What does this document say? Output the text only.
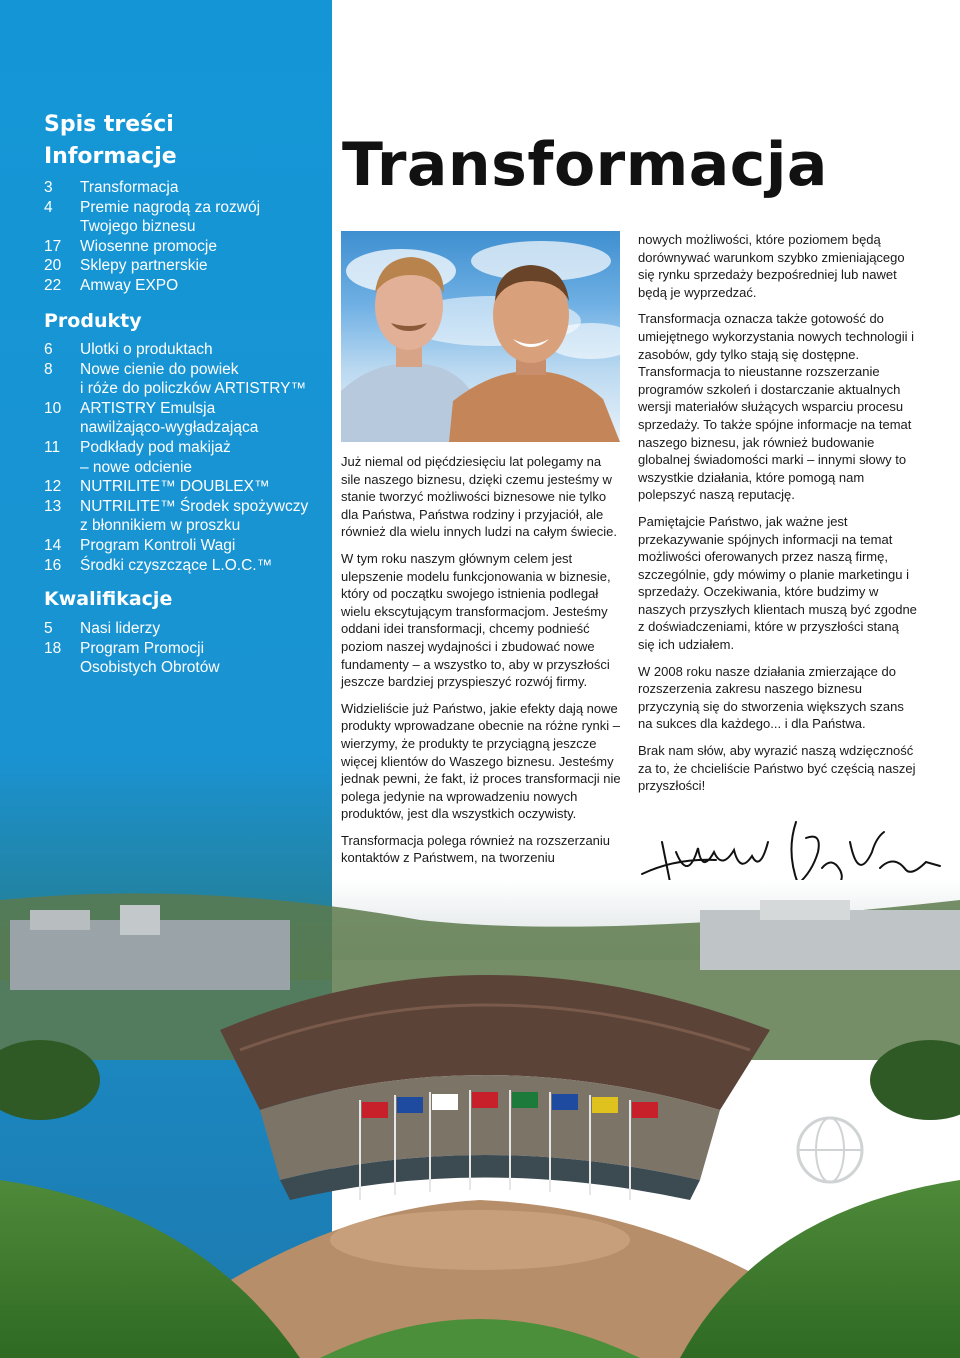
Spis treści
Informacje
3	Transformacja
4	Premie nagrodą za rozwój
Twojego biznesu
17	Wiosenne promocje
20	Sklepy partnerskie
22	Amway EXPO
Produkty
6	Ulotki o produktach
8	Nowe cienie do powiek
i róże do policzków ARTISTRY™
10	ARTISTRY Emulsja
nawilżająco-wygładzająca
11	Podkłady pod makijaż
– nowe odcienie
12	NUTRILITE™ DOUBLEX™
13	NUTRILITE™ Środek spożywczy
z błonnikiem w proszku
14	Program Kontroli Wagi
16	Środki czyszczące L.O.C.™
Kwalifikacje
5	Nasi liderzy
18	Program Promocji
Osobistych Obrotów
Transformacja

Już niemal od pięćdziesięciu lat polegamy na sile naszego biznesu, dzięki czemu jesteśmy w stanie tworzyć możliwości biznesowe nie tylko dla Państwa, Państwa rodziny i przyjaciół, ale również dla wielu innych ludzi na całym świecie.

W tym roku naszym głównym celem jest ulepszenie modelu funkcjonowania w biznesie, który od początku swojego istnienia podlegał wielu ekscytującym transformacjom. Jesteśmy oddani idei transformacji, chcemy podnieść poziom naszej wydajności i zbudować nowe fundamenty – a wszystko to, aby w przyszłości jeszcze bardziej przyspieszyć rozwój firmy.

Widzieliście już Państwo, jakie efekty dają nowe produkty wprowadzane obecnie na różne rynki – wierzymy, że produkty te przyciągną jeszcze więcej klientów do Waszego biznesu. Jesteśmy jednak pewni, że fakt, iż proces transformacji nie polega jedynie na wprowadzeniu nowych produktów, jest dla wszystkich oczywisty.

Transformacja polega również na rozszerzaniu kontaktów z Państwem, na tworzeniu

nowych możliwości, które poziomem będą dorównywać warunkom szybko zmieniającego się rynku sprzedaży bezpośredniej lub nawet będą je wyprzedzać.

Transformacja oznacza także gotowość do umiejętnego wykorzystania nowych technologii i zasobów, gdy tylko stają się dostępne. Transformacja to nieustanne rozszerzanie programów szkoleń i dostarczanie aktualnych wersji materiałów służących wsparciu procesu sprzedaży. To także spójne informacje na temat naszego biznesu, jak również budowanie globalnej świadomości marki – innymi słowy to wszystkie działania, które pomogą nam polepszyć naszą reputację.

Pamiętajcie Państwo, jak ważne jest przekazywanie spójnych informacji na temat możliwości oferowanych przez naszą firmę, szczególnie, gdy mówimy o planie marketingu i sprzedaży. Oczekiwania, które budzimy w naszych przyszłych klientach muszą być zgodne z doświadczeniami, które w przyszłości staną się ich udziałem.

W 2008 roku nasze działania zmierzające do rozszerzenia zakresu naszego biznesu przyczynią się do stworzenia większych szans na sukces dla każdego... i dla Państwa.

Brak nam słów, aby wyrazić naszą wdzięczność za to, że chcieliście Państwo być częścią naszej przyszłości!
